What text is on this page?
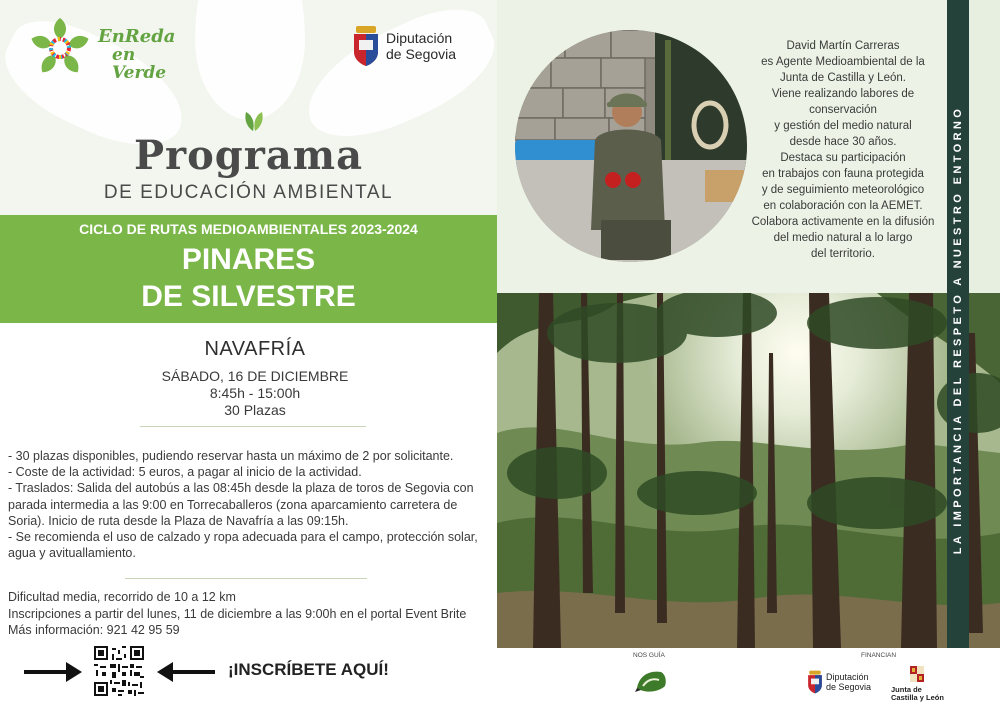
EnReda
en Verde
Diputación
de Segovia
Programa
DE EDUCACIÓN AMBIENTAL
CICLO DE RUTAS MEDIOAMBIENTALES 2023-2024
PINARES
DE SILVESTRE
NAVAFRÍA
SÁBADO, 16 DE DICIEMBRE
8:45h - 15:00h
30 Plazas
- 30 plazas disponibles, pudiendo reservar hasta un máximo de 2 por solicitante.
- Coste de la actividad: 5 euros, a pagar al inicio de la actividad.
- Traslados: Salida del autobús a las 08:45h desde la plaza de toros de Segovia con parada intermedia a las 9:00 en Torrecaballeros (zona aparcamiento carretera de Soria). Inicio de ruta desde la Plaza de Navafría a las 09:15h.
- Se recomienda el uso de calzado y ropa adecuada para el campo, protección solar, agua y avituallamiento.
Dificultad media, recorrido de 10 a 12 km
Inscripciones a partir del lunes, 11 de diciembre a las 9:00h en el portal Event Brite
Más información: 921 42 95 59
¡INSCRÍBETE AQUÍ!
David Martín Carreras
es Agente Medioambiental de la
Junta de Castilla y León.
Viene realizando labores de
conservación
y gestión del medio natural
desde hace 30 años.
Destaca su participación
en trabajos con fauna protegida
y de seguimiento meteorológico
en colaboración con la AEMET.
Colabora activamente en la difusión
del medio natural a lo largo
del territorio.	LA IMPORTANCIA DEL RESPETO A NUESTRO ENTORNO
NOS GUÍA	FINANCIAN
Diputación
de Segovia	Junta de
Castilla y León
